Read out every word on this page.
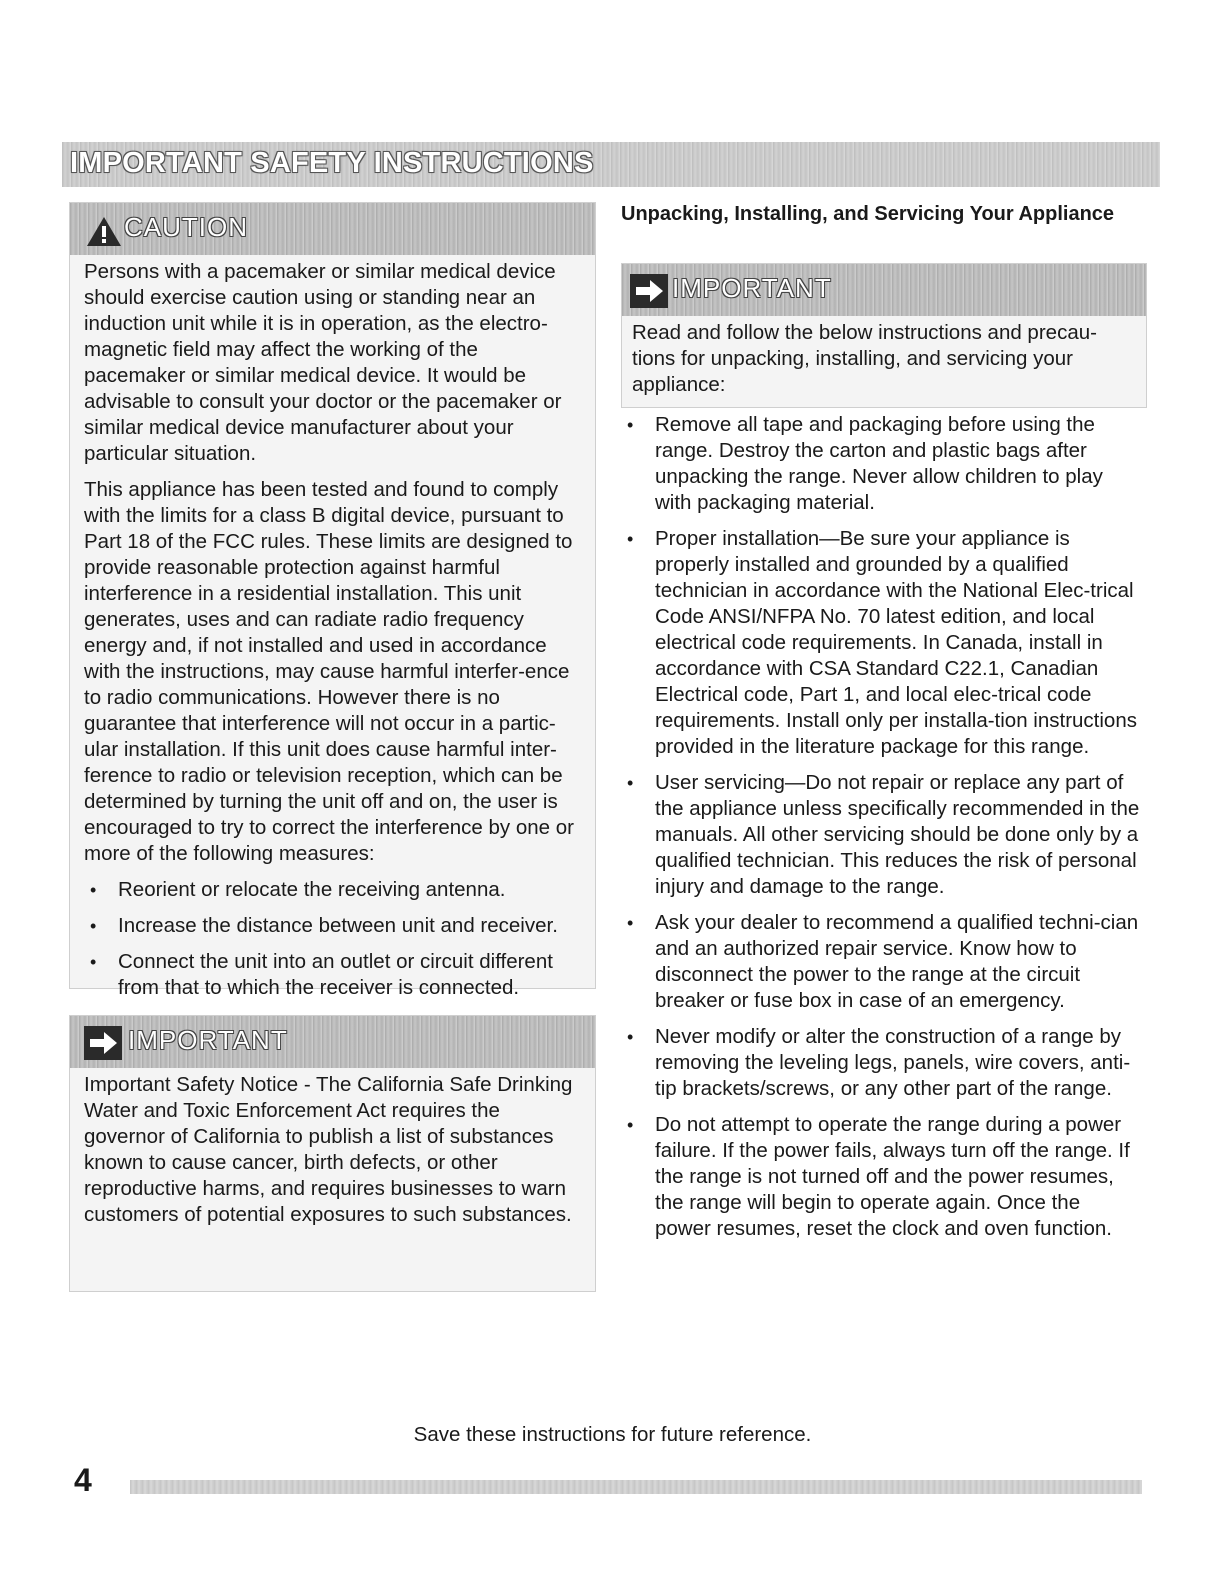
IMPORTANT SAFETY INSTRUCTIONS
CAUTION

Persons with a pacemaker or similar medical device should exercise caution using or standing near an induction unit while it is in operation, as the electro-magnetic field may affect the working of the pacemaker or similar medical device. It would be advisable to consult your doctor or the pacemaker or similar medical device manufacturer about your particular situation.

This appliance has been tested and found to comply with the limits for a class B digital device, pursuant to Part 18 of the FCC rules. These limits are designed to provide reasonable protection against harmful interference in a residential installation. This unit generates, uses and can radiate radio frequency energy and, if not installed and used in accordance with the instructions, may cause harmful interfer-ence to radio communications. However there is no guarantee that interference will not occur in a partic-ular installation. If this unit does cause harmful inter-ference to radio or television reception, which can be determined by turning the unit off and on, the user is encouraged to try to correct the interference by one or more of the following measures:

• Reorient or relocate the receiving antenna.
• Increase the distance between unit and receiver.
• Connect the unit into an outlet or circuit different from that to which the receiver is connected.
IMPORTANT

Important Safety Notice - The California Safe Drinking Water and Toxic Enforcement Act requires the governor of California to publish a list of substances known to cause cancer, birth defects, or other reproductive harms, and requires businesses to warn customers of potential exposures to such substances.

Unpacking, Installing, and Servicing Your Appliance
IMPORTANT

Read and follow the below instructions and precau-tions for unpacking, installing, and servicing your appliance:

• Remove all tape and packaging before using the range. Destroy the carton and plastic bags after unpacking the range. Never allow children to play with packaging material.
• Proper installation—Be sure your appliance is properly installed and grounded by a qualified technician in accordance with the National Elec-trical Code ANSI/NFPA No. 70 latest edition, and local electrical code requirements. In Canada, install in accordance with CSA Standard C22.1, Canadian Electrical code, Part 1, and local elec-trical code requirements. Install only per installa-tion instructions provided in the literature package for this range.
• User servicing—Do not repair or replace any part of the appliance unless specifically recommended in the manuals. All other servicing should be done only by a qualified technician. This reduces the risk of personal injury and damage to the range.
• Ask your dealer to recommend a qualified techni-cian and an authorized repair service. Know how to disconnect the power to the range at the circuit breaker or fuse box in case of an emergency.
• Never modify or alter the construction of a range by removing the leveling legs, panels, wire covers, anti-tip brackets/screws, or any other part of the range.
• Do not attempt to operate the range during a power failure. If the power fails, always turn off the range. If the range is not turned off and the power resumes, the range will begin to operate again. Once the power resumes, reset the clock and oven function.
Save these instructions for future reference.
4
